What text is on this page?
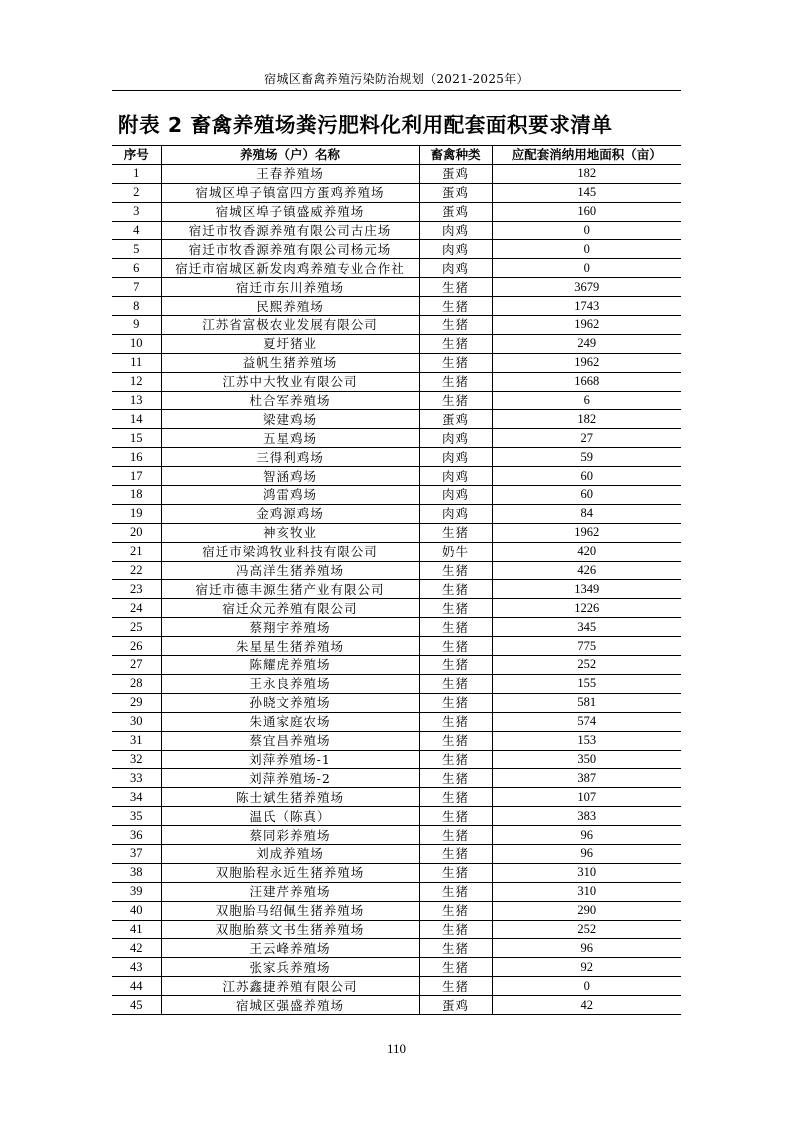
宿城区畜禽养殖污染防治规划（2021-2025年）
附表 2 畜禽养殖场粪污肥料化利用配套面积要求清单
序号	养殖场（户）名称	畜禽种类	应配套消纳用地面积（亩）
1	王春养殖场	蛋鸡	182
2	宿城区埠子镇富四方蛋鸡养殖场	蛋鸡	145
3	宿城区埠子镇盛威养殖场	蛋鸡	160
4	宿迁市牧香源养殖有限公司古庄场	肉鸡	0
5	宿迁市牧香源养殖有限公司杨元场	肉鸡	0
6	宿迁市宿城区新发肉鸡养殖专业合作社	肉鸡	0
7	宿迁市东川养殖场	生猪	3679
8	民熙养殖场	生猪	1743
9	江苏省富极农业发展有限公司	生猪	1962
10	夏圩猪业	生猪	249
11	益帆生猪养殖场	生猪	1962
12	江苏中大牧业有限公司	生猪	1668
13	杜合军养殖场	生猪	6
14	梁建鸡场	蛋鸡	182
15	五星鸡场	肉鸡	27
16	三得利鸡场	肉鸡	59
17	智涵鸡场	肉鸡	60
18	鸿雷鸡场	肉鸡	60
19	金鸡源鸡场	肉鸡	84
20	神亥牧业	生猪	1962
21	宿迁市梁鸿牧业科技有限公司	奶牛	420
22	冯高洋生猪养殖场	生猪	426
23	宿迁市德丰源生猪产业有限公司	生猪	1349
24	宿迁众元养殖有限公司	生猪	1226
25	蔡翔宇养殖场	生猪	345
26	朱星星生猪养殖场	生猪	775
27	陈耀虎养殖场	生猪	252
28	王永良养殖场	生猪	155
29	孙晓文养殖场	生猪	581
30	朱通家庭农场	生猪	574
31	蔡宜昌养殖场	生猪	153
32	刘萍养殖场-1	生猪	350
33	刘萍养殖场-2	生猪	387
34	陈士斌生猪养殖场	生猪	107
35	温氏（陈真）	生猪	383
36	蔡同彩养殖场	生猪	96
37	刘成养殖场	生猪	96
38	双胞胎程永近生猪养殖场	生猪	310
39	汪建芹养殖场	生猪	310
40	双胞胎马绍佩生猪养殖场	生猪	290
41	双胞胎蔡文书生猪养殖场	生猪	252
42	王云峰养殖场	生猪	96
43	张家兵养殖场	生猪	92
44	江苏鑫捷养殖有限公司	生猪	0
45	宿城区强盛养殖场	蛋鸡	42
110
